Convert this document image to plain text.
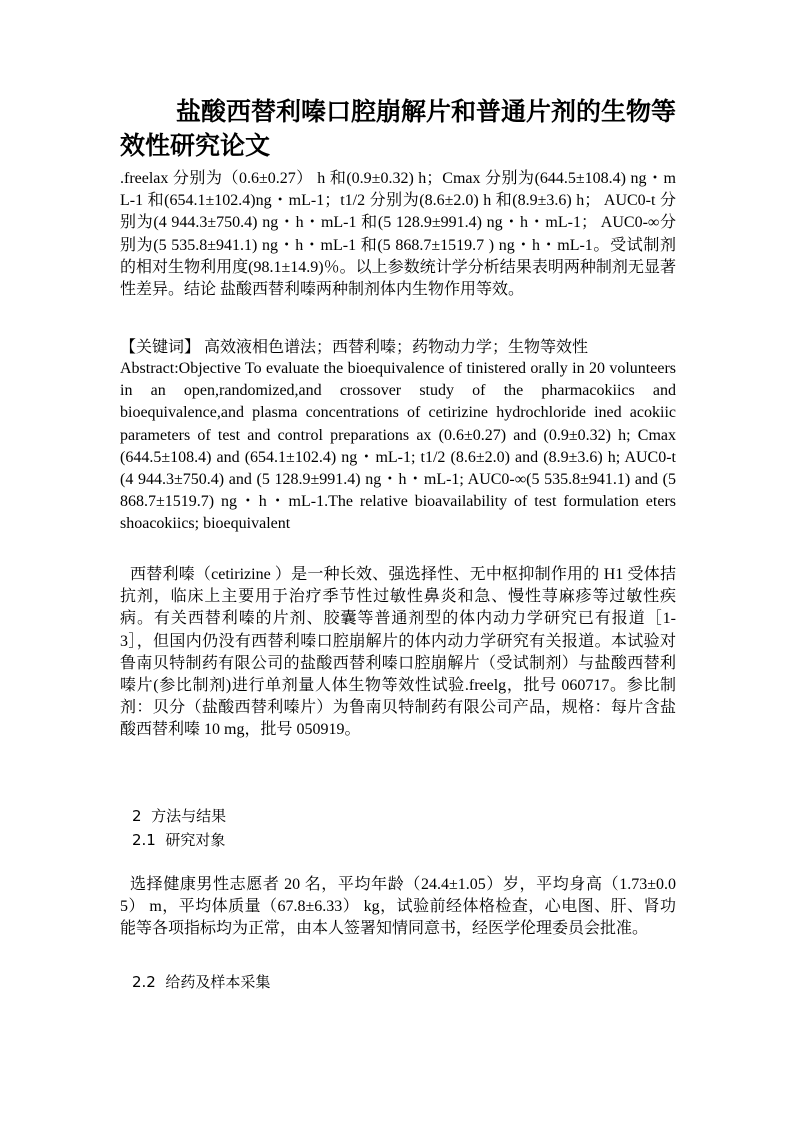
盐酸西替利嗪口腔崩解片和普通片剂的生物等效性研究论文

.freelax 分别为（0.6±0.27） h 和(0.9±0.32) h；Cmax 分别为(644.5±108.4) ng・mL-1 和(654.1±102.4)ng・mL-1；t1/2 分别为(8.6±2.0) h 和(8.9±3.6) h； AUC0-t 分别为(4 944.3±750.4) ng・h・mL-1 和(5 128.9±991.4) ng・h・mL-1； AUC0-∞分别为(5 535.8±941.1) ng・h・mL-1 和(5 868.7±1519.7 ) ng・h・mL-1。受试制剂的相对生物利用度(98.1±14.9)％。以上参数统计学分析结果表明两种制剂无显著性差异。结论 盐酸西替利嗪两种制剂体内生物作用等效。

【关键词】 高效液相色谱法；西替利嗪；药物动力学；生物等效性

Abstract:Objective To evaluate the bioequivalence of tinistered orally in 20 volunteers in an open,randomized,and crossover study of the pharmacokiics and bioequivalence,and plasma concentrations of cetirizine hydrochloride ined acokiic parameters of test and control preparations ax (0.6±0.27) and (0.9±0.32) h; Cmax (644.5±108.4) and (654.1±102.4) ng・mL-1; t1/2 (8.6±2.0) and (8.9±3.6) h; AUC0-t (4 944.3±750.4) and (5 128.9±991.4) ng・h・mL-1; AUC0-∞(5 535.8±941.1) and (5 868.7±1519.7) ng・h・mL-1.The relative bioavailability of test formulation eters shoacokiics; bioequivalent

西替利嗪（cetirizine ）是一种长效、强选择性、无中枢抑制作用的 H1 受体拮抗剂，临床上主要用于治疗季节性过敏性鼻炎和急、慢性荨麻疹等过敏性疾病。有关西替利嗪的片剂、胶囊等普通剂型的体内动力学研究已有报道［1-3］，但国内仍没有西替利嗪口腔崩解片的体内动力学研究有关报道。本试验对鲁南贝特制药有限公司的盐酸西替利嗪口腔崩解片（受试制剂）与盐酸西替利嗪片(参比制剂)进行单剂量人体生物等效性试验.freelg，批号 060717。参比制剂：贝分（盐酸西替利嗪片）为鲁南贝特制药有限公司产品，规格：每片含盐酸西替利嗪 10 mg，批号 050919。

2  方法与结果

2.1  研究对象

选择健康男性志愿者 20 名，平均年龄（24.4±1.05）岁，平均身高（1.73±0.05） m，平均体质量（67.8±6.33） kg，试验前经体格检查，心电图、肝、肾功能等各项指标均为正常，由本人签署知情同意书，经医学伦理委员会批准。

2.2  给药及样本采集
